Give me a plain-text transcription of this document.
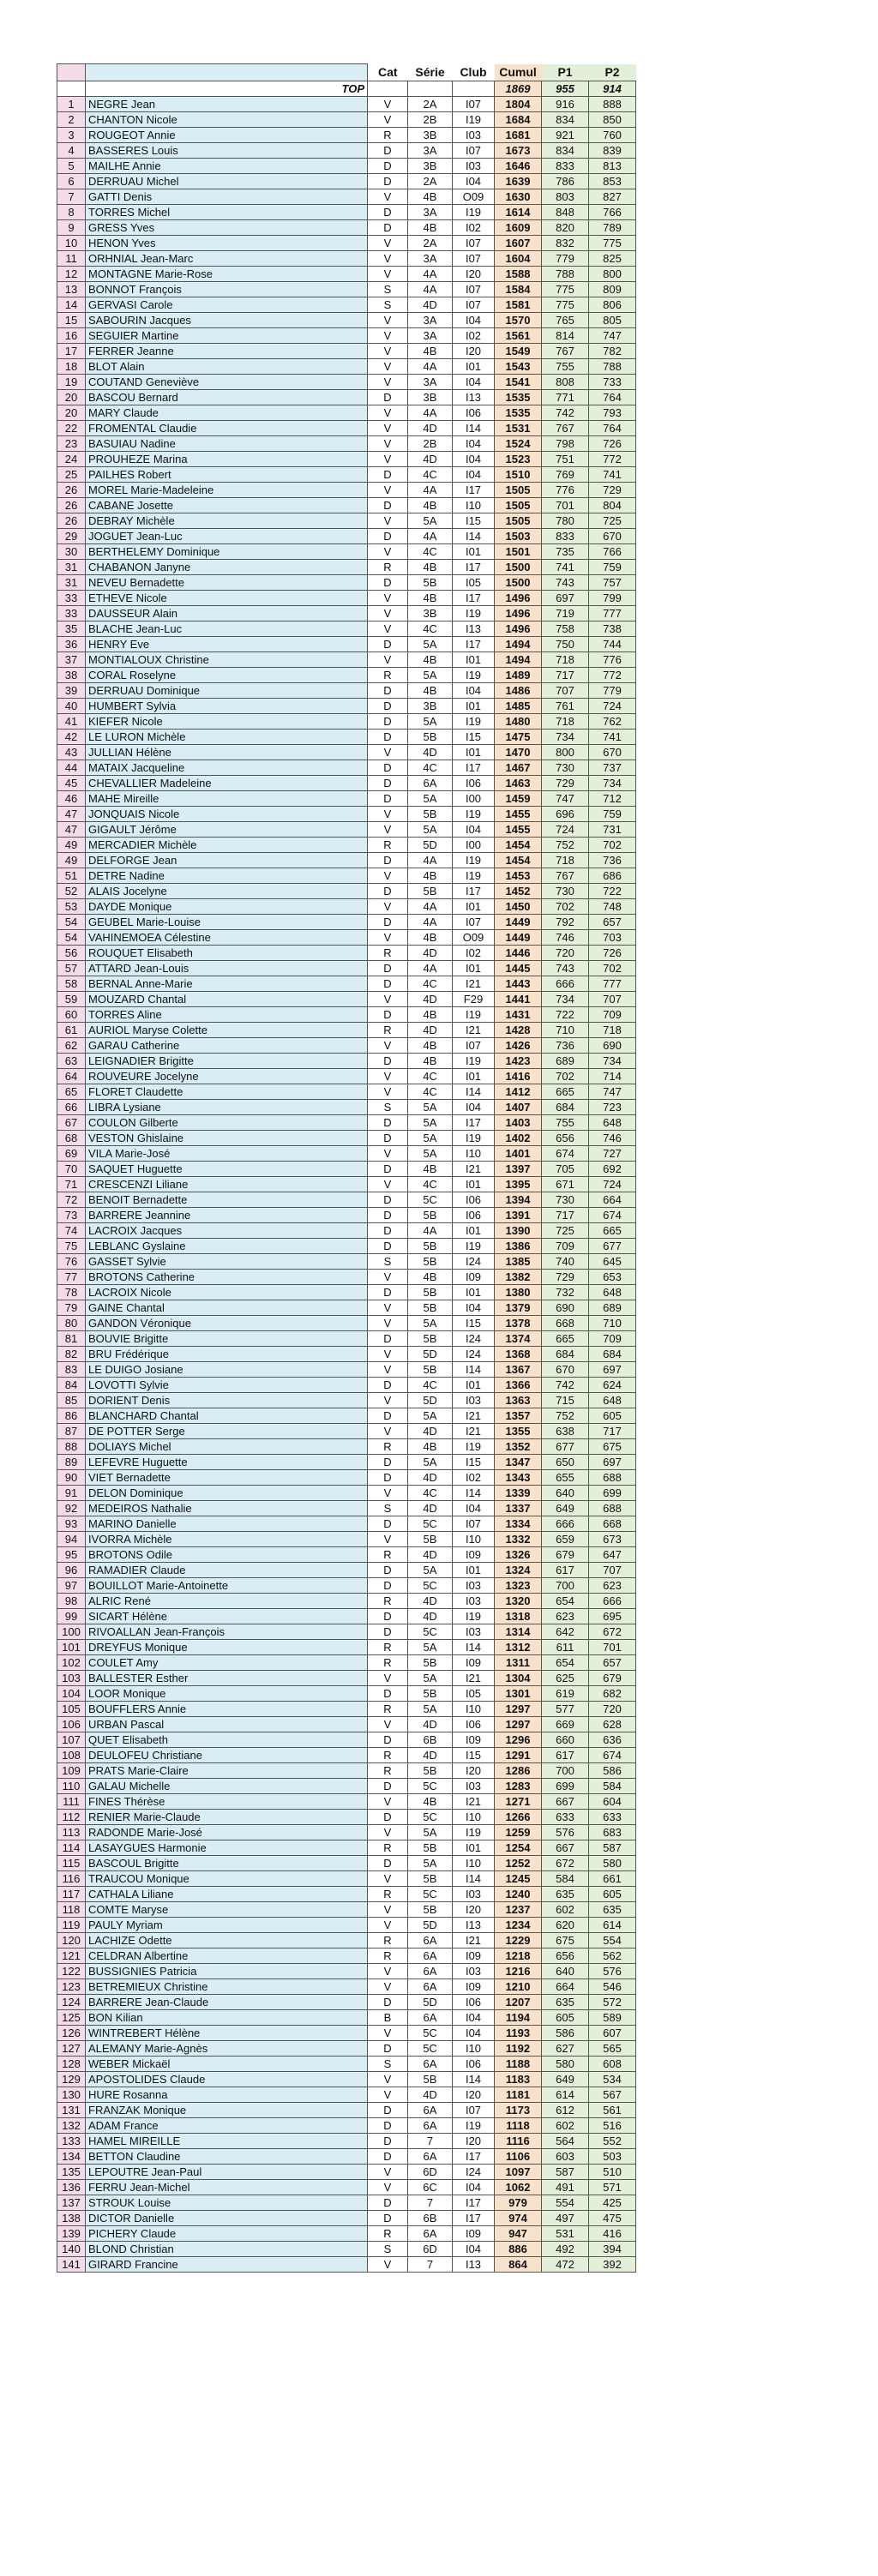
		Cat	Série	Club	Cumul	P1	P2
	TOP				1869	955	914
1	NEGRE Jean	V	2A	I07	1804	916	888
2	CHANTON Nicole	V	2B	I19	1684	834	850
3	ROUGEOT Annie	R	3B	I03	1681	921	760
4	BASSERES Louis	D	3A	I07	1673	834	839
5	MAILHE Annie	D	3B	I03	1646	833	813
6	DERRUAU Michel	D	2A	I04	1639	786	853
7	GATTI Denis	V	4B	O09	1630	803	827
8	TORRES Michel	D	3A	I19	1614	848	766
9	GRESS Yves	D	4B	I02	1609	820	789
10	HENON Yves	V	2A	I07	1607	832	775
11	ORHNIAL Jean-Marc	V	3A	I07	1604	779	825
12	MONTAGNE Marie-Rose	V	4A	I20	1588	788	800
13	BONNOT François	S	4A	I07	1584	775	809
14	GERVASI Carole	S	4D	I07	1581	775	806
15	SABOURIN Jacques	V	3A	I04	1570	765	805
16	SEGUIER Martine	V	3A	I02	1561	814	747
17	FERRER Jeanne	V	4B	I20	1549	767	782
18	BLOT Alain	V	4A	I01	1543	755	788
19	COUTAND Geneviève	V	3A	I04	1541	808	733
20	BASCOU Bernard	D	3B	I13	1535	771	764
20	MARY Claude	V	4A	I06	1535	742	793
22	FROMENTAL Claudie	V	4D	I14	1531	767	764
23	BASUIAU Nadine	V	2B	I04	1524	798	726
24	PROUHEZE Marina	V	4D	I04	1523	751	772
25	PAILHES Robert	D	4C	I04	1510	769	741
26	MOREL Marie-Madeleine	V	4A	I17	1505	776	729
26	CABANE Josette	D	4B	I10	1505	701	804
26	DEBRAY Michèle	V	5A	I15	1505	780	725
29	JOGUET Jean-Luc	D	4A	I14	1503	833	670
30	BERTHELEMY Dominique	V	4C	I01	1501	735	766
31	CHABANON Janyne	R	4B	I17	1500	741	759
31	NEVEU Bernadette	D	5B	I05	1500	743	757
33	ETHEVE Nicole	V	4B	I17	1496	697	799
33	DAUSSEUR Alain	V	3B	I19	1496	719	777
35	BLACHE Jean-Luc	V	4C	I13	1496	758	738
36	HENRY Eve	D	5A	I17	1494	750	744
37	MONTIALOUX Christine	V	4B	I01	1494	718	776
38	CORAL Roselyne	R	5A	I19	1489	717	772
39	DERRUAU Dominique	D	4B	I04	1486	707	779
40	HUMBERT Sylvia	D	3B	I01	1485	761	724
41	KIEFER Nicole	D	5A	I19	1480	718	762
42	LE LURON Michèle	D	5B	I15	1475	734	741
43	JULLIAN Hélène	V	4D	I01	1470	800	670
44	MATAIX Jacqueline	D	4C	I17	1467	730	737
45	CHEVALLIER Madeleine	D	6A	I06	1463	729	734
46	MAHE Mireille	D	5A	I00	1459	747	712
47	JONQUAIS Nicole	V	5B	I19	1455	696	759
47	GIGAULT Jérôme	V	5A	I04	1455	724	731
49	MERCADIER Michèle	R	5D	I00	1454	752	702
49	DELFORGE Jean	D	4A	I19	1454	718	736
51	DETRE Nadine	V	4B	I19	1453	767	686
52	ALAIS Jocelyne	D	5B	I17	1452	730	722
53	DAYDE Monique	V	4A	I01	1450	702	748
54	GEUBEL Marie-Louise	D	4A	I07	1449	792	657
54	VAHINEMOEA Célestine	V	4B	O09	1449	746	703
56	ROUQUET Elisabeth	R	4D	I02	1446	720	726
57	ATTARD Jean-Louis	D	4A	I01	1445	743	702
58	BERNAL Anne-Marie	D	4C	I21	1443	666	777
59	MOUZARD Chantal	V	4D	F29	1441	734	707
60	TORRES Aline	D	4B	I19	1431	722	709
61	AURIOL Maryse Colette	R	4D	I21	1428	710	718
62	GARAU Catherine	V	4B	I07	1426	736	690
63	LEIGNADIER Brigitte	D	4B	I19	1423	689	734
64	ROUVEURE Jocelyne	V	4C	I01	1416	702	714
65	FLORET Claudette	V	4C	I14	1412	665	747
66	LIBRA Lysiane	S	5A	I04	1407	684	723
67	COULON Gilberte	D	5A	I17	1403	755	648
68	VESTON Ghislaine	D	5A	I19	1402	656	746
69	VILA Marie-José	V	5A	I10	1401	674	727
70	SAQUET Huguette	D	4B	I21	1397	705	692
71	CRESCENZI Liliane	V	4C	I01	1395	671	724
72	BENOIT Bernadette	D	5C	I06	1394	730	664
73	BARRERE Jeannine	D	5B	I06	1391	717	674
74	LACROIX Jacques	D	4A	I01	1390	725	665
75	LEBLANC Gyslaine	D	5B	I19	1386	709	677
76	GASSET Sylvie	S	5B	I24	1385	740	645
77	BROTONS Catherine	V	4B	I09	1382	729	653
78	LACROIX Nicole	D	5B	I01	1380	732	648
79	GAINE Chantal	V	5B	I04	1379	690	689
80	GANDON Véronique	V	5A	I15	1378	668	710
81	BOUVIE Brigitte	D	5B	I24	1374	665	709
82	BRU Frédérique	V	5D	I24	1368	684	684
83	LE DUIGO Josiane	V	5B	I14	1367	670	697
84	LOVOTTI Sylvie	D	4C	I01	1366	742	624
85	DORIENT Denis	V	5D	I03	1363	715	648
86	BLANCHARD Chantal	D	5A	I21	1357	752	605
87	DE POTTER Serge	V	4D	I21	1355	638	717
88	DOLIAYS Michel	R	4B	I19	1352	677	675
89	LEFEVRE Huguette	D	5A	I15	1347	650	697
90	VIET Bernadette	D	4D	I02	1343	655	688
91	DELON Dominique	V	4C	I14	1339	640	699
92	MEDEIROS Nathalie	S	4D	I04	1337	649	688
93	MARINO Danielle	D	5C	I07	1334	666	668
94	IVORRA Michèle	V	5B	I10	1332	659	673
95	BROTONS Odile	R	4D	I09	1326	679	647
96	RAMADIER Claude	D	5A	I01	1324	617	707
97	BOUILLOT Marie-Antoinette	D	5C	I03	1323	700	623
98	ALRIC René	R	4D	I03	1320	654	666
99	SICART Hélène	D	4D	I19	1318	623	695
100	RIVOALLAN Jean-François	D	5C	I03	1314	642	672
101	DREYFUS Monique	R	5A	I14	1312	611	701
102	COULET Amy	R	5B	I09	1311	654	657
103	BALLESTER Esther	V	5A	I21	1304	625	679
104	LOOR Monique	D	5B	I05	1301	619	682
105	BOUFFLERS Annie	R	5A	I10	1297	577	720
106	URBAN Pascal	V	4D	I06	1297	669	628
107	QUET Elisabeth	D	6B	I09	1296	660	636
108	DEULOFEU Christiane	R	4D	I15	1291	617	674
109	PRATS Marie-Claire	R	5B	I20	1286	700	586
110	GALAU Michelle	D	5C	I03	1283	699	584
111	FINES Thérèse	V	4B	I21	1271	667	604
112	RENIER Marie-Claude	D	5C	I10	1266	633	633
113	RADONDE Marie-José	V	5A	I19	1259	576	683
114	LASAYGUES Harmonie	R	5B	I01	1254	667	587
115	BASCOUL Brigitte	D	5A	I10	1252	672	580
116	TRAUCOU Monique	V	5B	I14	1245	584	661
117	CATHALA Liliane	R	5C	I03	1240	635	605
118	COMTE Maryse	V	5B	I20	1237	602	635
119	PAULY Myriam	V	5D	I13	1234	620	614
120	LACHIZE Odette	R	6A	I21	1229	675	554
121	CELDRAN Albertine	R	6A	I09	1218	656	562
122	BUSSIGNIES Patricia	V	6A	I03	1216	640	576
123	BETREMIEUX Christine	V	6A	I09	1210	664	546
124	BARRERE Jean-Claude	D	5D	I06	1207	635	572
125	BON Kilian	B	6A	I04	1194	605	589
126	WINTREBERT Hélène	V	5C	I04	1193	586	607
127	ALEMANY Marie-Agnès	D	5C	I10	1192	627	565
128	WEBER Mickaël	S	6A	I06	1188	580	608
129	APOSTOLIDES Claude	V	5B	I14	1183	649	534
130	HURE Rosanna	V	4D	I20	1181	614	567
131	FRANZAK Monique	D	6A	I07	1173	612	561
132	ADAM France	D	6A	I19	1118	602	516
133	HAMEL MIREILLE	D	7	I20	1116	564	552
134	BETTON Claudine	D	6A	I17	1106	603	503
135	LEPOUTRE Jean-Paul	V	6D	I24	1097	587	510
136	FERRU Jean-Michel	V	6C	I04	1062	491	571
137	STROUK Louise	D	7	I17	979	554	425
138	DICTOR Danielle	D	6B	I17	974	497	475
139	PICHERY Claude	R	6A	I09	947	531	416
140	BLOND Christian	S	6D	I04	886	492	394
141	GIRARD Francine	V	7	I13	864	472	392
